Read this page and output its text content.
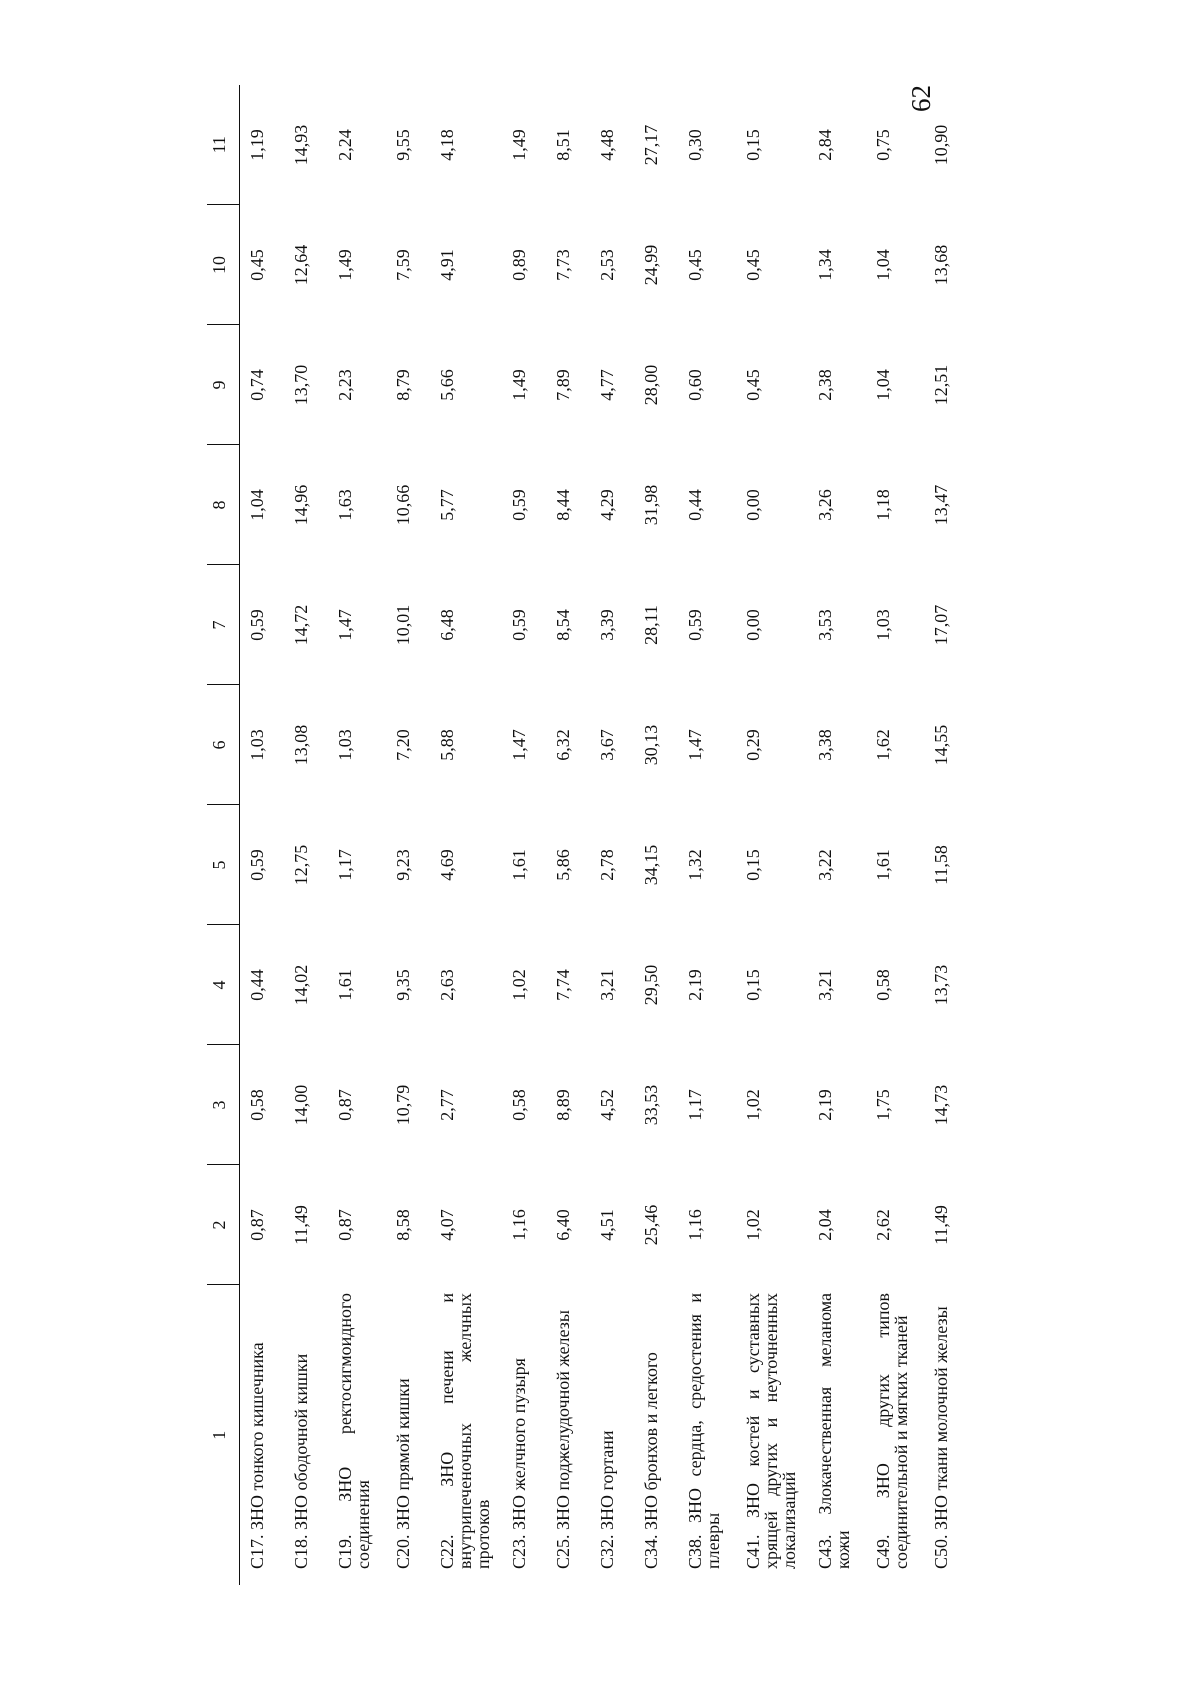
62
1	2	3	4	5	6	7	8	9	10	11
C17. ЗНО тонкого кишечника	0,87	0,58	0,44	0,59	1,03	0,59	1,04	0,74	0,45	1,19
C18. ЗНО ободочной кишки	11,49	14,00	14,02	12,75	13,08	14,72	14,96	13,70	12,64	14,93
C19. ЗНО ректосигмоидного соединения	0,87	0,87	1,61	1,17	1,03	1,47	1,63	2,23	1,49	2,24
C20. ЗНО прямой кишки	8,58	10,79	9,35	9,23	7,20	10,01	10,66	8,79	7,59	9,55
C22. ЗНО печени и внутрипеченочных желчных протоков	4,07	2,77	2,63	4,69	5,88	6,48	5,77	5,66	4,91	4,18
C23. ЗНО желчного пузыря	1,16	0,58	1,02	1,61	1,47	0,59	0,59	1,49	0,89	1,49
C25. ЗНО поджелудочной железы	6,40	8,89	7,74	5,86	6,32	8,54	8,44	7,89	7,73	8,51
C32. ЗНО гортани	4,51	4,52	3,21	2,78	3,67	3,39	4,29	4,77	2,53	4,48
C34. ЗНО бронхов и легкого	25,46	33,53	29,50	34,15	30,13	28,11	31,98	28,00	24,99	27,17
C38. ЗНО сердца, средостения и плевры	1,16	1,17	2,19	1,32	1,47	0,59	0,44	0,60	0,45	0,30
C41. ЗНО костей и суставных хрящей других и неуточненных локализаций	1,02	1,02	0,15	0,15	0,29	0,00	0,00	0,45	0,45	0,15
C43. Злокачественная меланома кожи	2,04	2,19	3,21	3,22	3,38	3,53	3,26	2,38	1,34	2,84
C49. ЗНО других типов соединительной и мягких тканей	2,62	1,75	0,58	1,61	1,62	1,03	1,18	1,04	1,04	0,75
C50. ЗНО ткани молочной железы	11,49	14,73	13,73	11,58	14,55	17,07	13,47	12,51	13,68	10,90
